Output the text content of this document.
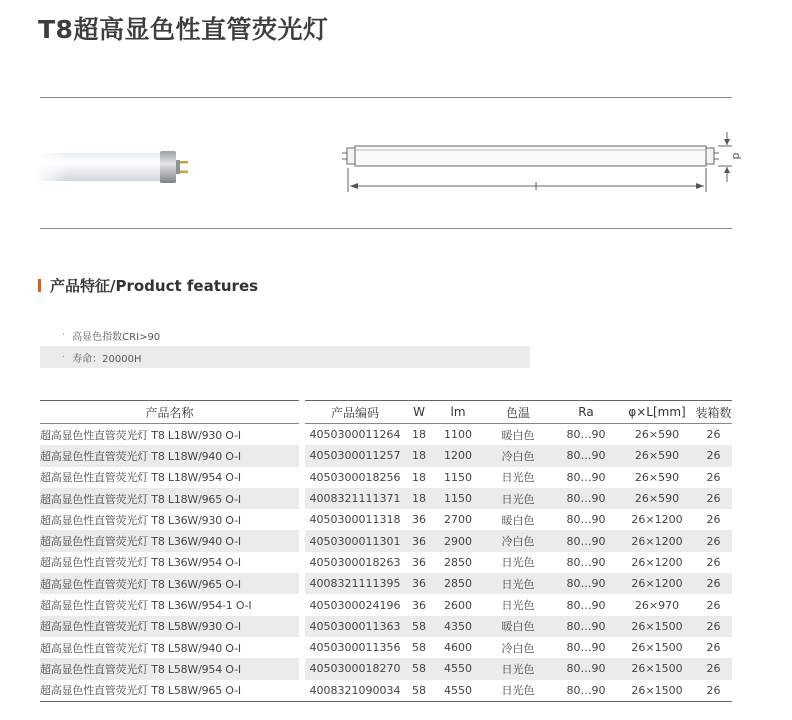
T8超高显色性直管荧光灯
l
d
产品特征/Product features
· 高显色指数CRI>90
· 寿命：20000H
产品名称		产品编码	W	lm	色温	Ra	φ×L[mm]	装箱数
超高显色性直管荧光灯 T8 L18W/930 O-I		4050300011264	18	1100	暖白色	80…90	26×590	26
超高显色性直管荧光灯 T8 L18W/940 O-I		4050300011257	18	1200	冷白色	80…90	26×590	26
超高显色性直管荧光灯 T8 L18W/954 O-I		4050300018256	18	1150	日光色	80…90	26×590	26
超高显色性直管荧光灯 T8 L18W/965 O-I		4008321111371	18	1150	日光色	80…90	26×590	26
超高显色性直管荧光灯 T8 L36W/930 O-I		4050300011318	36	2700	暖白色	80…90	26×1200	26
超高显色性直管荧光灯 T8 L36W/940 O-I		4050300011301	36	2900	冷白色	80…90	26×1200	26
超高显色性直管荧光灯 T8 L36W/954 O-I		4050300018263	36	2850	日光色	80…90	26×1200	26
超高显色性直管荧光灯 T8 L36W/965 O-I		4008321111395	36	2850	日光色	80…90	26×1200	26
超高显色性直管荧光灯 T8 L36W/954-1 O-I		4050300024196	36	2600	日光色	80…90	26×970	26
超高显色性直管荧光灯 T8 L58W/930 O-I		4050300011363	58	4350	暖白色	80…90	26×1500	26
超高显色性直管荧光灯 T8 L58W/940 O-I		4050300011356	58	4600	冷白色	80…90	26×1500	26
超高显色性直管荧光灯 T8 L58W/954 O-I		4050300018270	58	4550	日光色	80…90	26×1500	26
超高显色性直管荧光灯 T8 L58W/965 O-I		4008321090034	58	4550	日光色	80…90	26×1500	26
